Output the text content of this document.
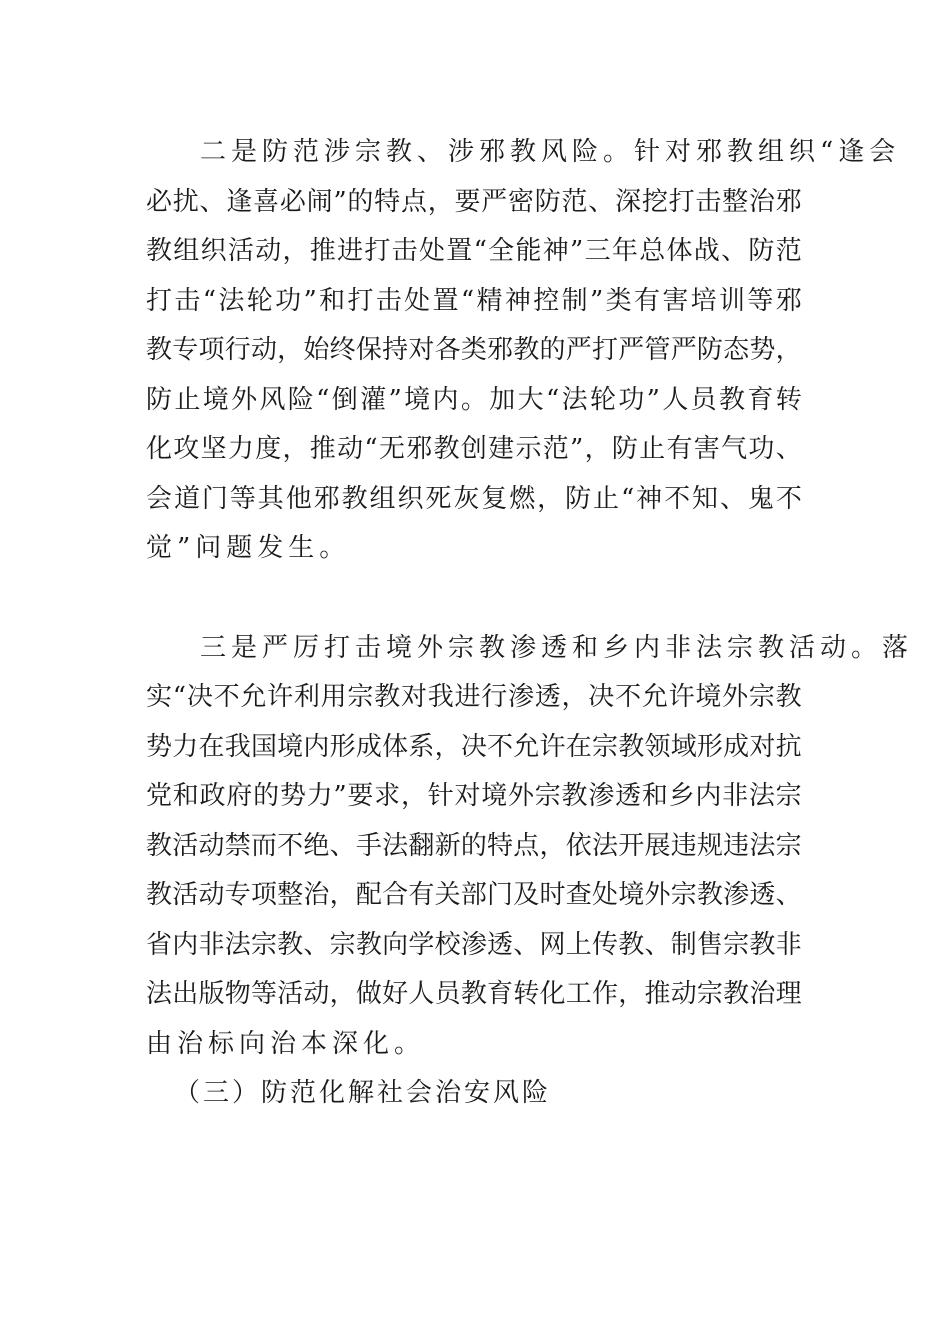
二是防范涉宗教、涉邪教风险。针对邪教组织“逢会
必 扰 、 逢 喜 必 闹 ” 的 特 点 ， 要 严 密 防 范 、 深 挖 打 击 整 治 邪
教 组 织 活 动 ， 推 进 打 击 处 置 “ 全 能 神 ” 三 年 总 体 战 、 防 范
打 击 “ 法 轮 功 ” 和 打 击 处 置 “ 精 神 控 制 ” 类 有 害 培 训 等 邪
教 专 项 行 动 ， 始 终 保 持 对 各 类 邪 教 的 严 打 严 管 严 防 态 势 ，
防 止 境 外 风 险 “ 倒 灌 ” 境 内 。 加 大 “ 法 轮 功 ” 人 员 教 育 转
化 攻 坚 力 度 ， 推 动 “ 无 邪 教 创 建 示 范 ” ， 防 止 有 害 气 功 、
会 道 门 等 其 他 邪 教 组 织 死 灰 复 燃 ， 防 止 “ 神 不 知 、 鬼 不
觉”问题发生。
三是严厉打击境外宗教渗透和乡内非法宗教活动。落
实 “ 决 不 允 许 利 用 宗 教 对 我 进 行 渗 透 ， 决 不 允 许 境 外 宗 教
势 力 在 我 国 境 内 形 成 体 系 ， 决 不 允 许 在 宗 教 领 域 形 成 对 抗
党 和 政 府 的 势 力 ” 要 求 ， 针 对 境 外 宗 教 渗 透 和 乡 内 非 法 宗
教 活 动 禁 而 不 绝 、 手 法 翻 新 的 特 点 ， 依 法 开 展 违 规 违 法 宗
教 活 动 专 项 整 治 ， 配 合 有 关 部 门 及 时 查 处 境 外 宗 教 渗 透 、
省 内 非 法 宗 教 、 宗 教 向 学 校 渗 透 、 网 上 传 教 、 制 售 宗 教 非
法 出 版 物 等 活 动 ， 做 好 人 员 教 育 转 化 工 作 ， 推 动 宗 教 治 理
由治标向治本深化。
（三）防范化解社会治安风险
